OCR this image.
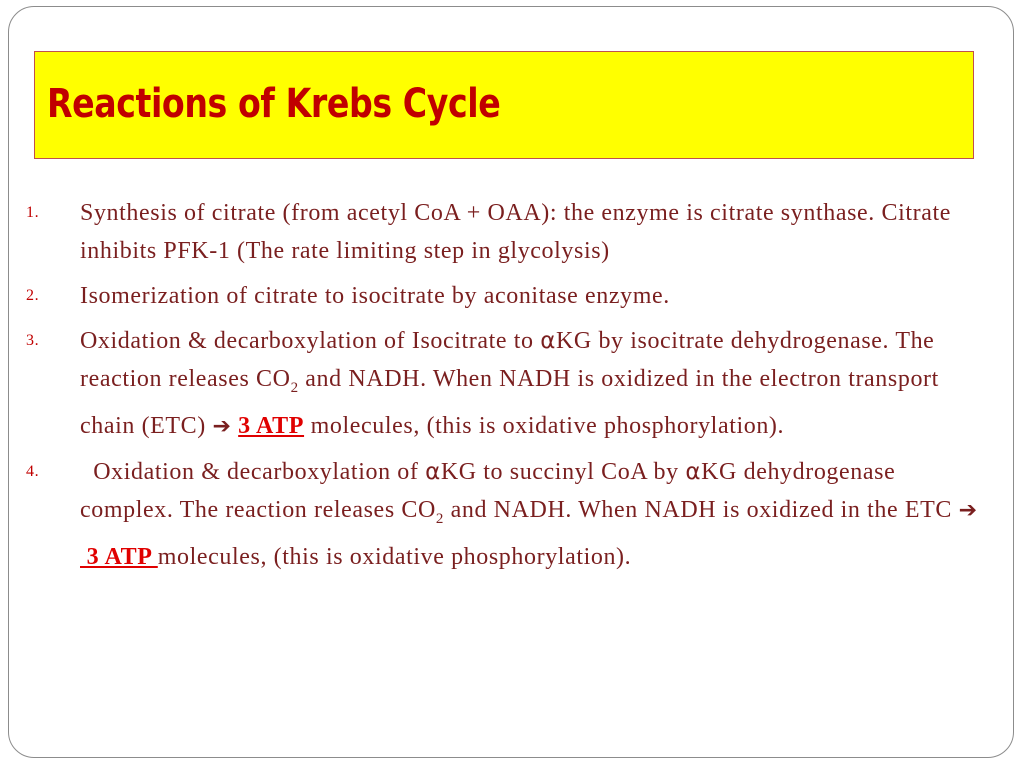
Reactions of Krebs Cycle
1. Synthesis of citrate (from acetyl CoA + OAA): the enzyme is citrate synthase. Citrate inhibits PFK-1 (The rate limiting step in glycolysis)
2. Isomerization of citrate to isocitrate by aconitase enzyme.
3. Oxidation & decarboxylation of Isocitrate to αKG by isocitrate dehydrogenase. The reaction releases $CO_2$ and NADH. When NADH is oxidized in the electron transport chain (ETC) ➔ 3 ATP molecules, (this is oxidative phosphorylation).
4. Oxidation & decarboxylation of αKG to succinyl CoA by αKG dehydrogenase complex. The reaction releases $CO_2$ and NADH. When NADH is oxidized in the ETC ➔  3 ATP molecules, (this is oxidative phosphorylation).
